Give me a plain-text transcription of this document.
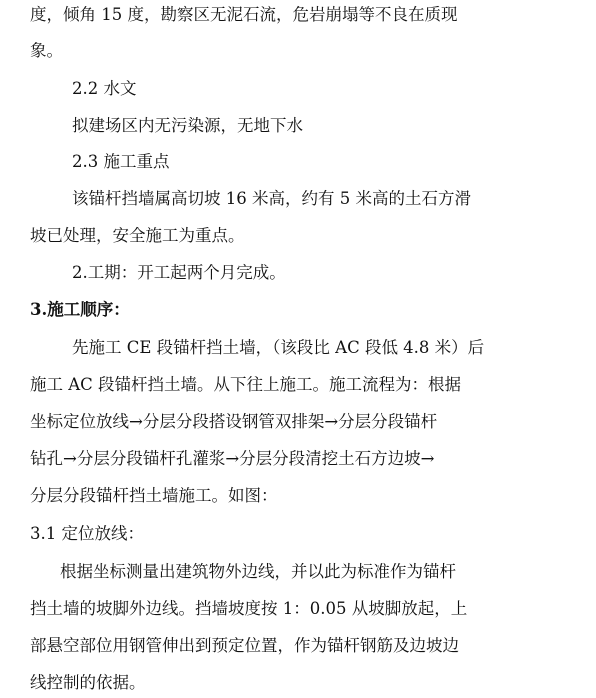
度，倾角 15 度，勘察区无泥石流，危岩崩塌等不良在质现
象。
2.2 水文
拟建场区内无污染源，无地下水
2.3 施工重点
该锚杆挡墙属高切坡 16 米高，约有 5 米高的土石方滑
坡已处理，安全施工为重点。
2.工期：开工起两个月完成。
3.施工顺序：
先施工 CE 段锚杆挡土墙，（该段比 AC 段低 4.8 米）后
施工 AC 段锚杆挡土墙。从下往上施工。施工流程为：根据
坐标定位放线→分层分段搭设钢管双排架→分层分段锚杆
钻孔→分层分段锚杆孔灌浆→分层分段清挖土石方边坡→
分层分段锚杆挡土墙施工。如图：
3.1 定位放线：
根据坐标测量出建筑物外边线，并以此为标准作为锚杆
挡土墙的坡脚外边线。挡墙坡度按 1：0.05 从坡脚放起，上
部悬空部位用钢管伸出到预定位置，作为锚杆钢筋及边坡边
线控制的依据。
